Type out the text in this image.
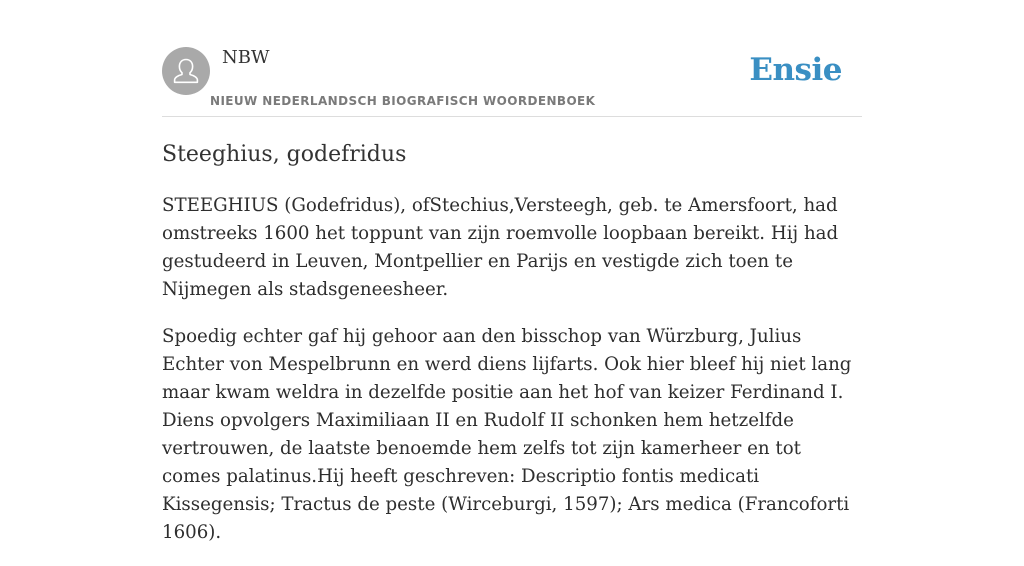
NBW
NIEUW NEDERLANDSCH BIOGRAFISCH WOORDENBOEK
Ensie
Steeghius, godefridus

STEEGHIUS (Godefridus), ofStechius,Versteegh, geb. te Amersfoort, had omstreeks 1600 het toppunt van zijn roemvolle loopbaan bereikt. Hij had gestudeerd in Leuven, Montpellier en Parijs en vestigde zich toen te Nijmegen als stadsgeneesheer.

Spoedig echter gaf hij gehoor aan den bisschop van Würzburg, Julius Echter von Mespelbrunn en werd diens lijfarts. Ook hier bleef hij niet lang maar kwam weldra in dezelfde positie aan het hof van keizer Ferdinand I. Diens opvolgers Maximiliaan II en Rudolf II schonken hem hetzelfde vertrouwen, de laatste benoemde hem zelfs tot zijn kamerheer en tot comes palatinus.Hij heeft geschreven: Descriptio fontis medicati Kissegensis; Tractus de peste (Wirceburgi, 1597); Ars medica (Francoforti 1606).
